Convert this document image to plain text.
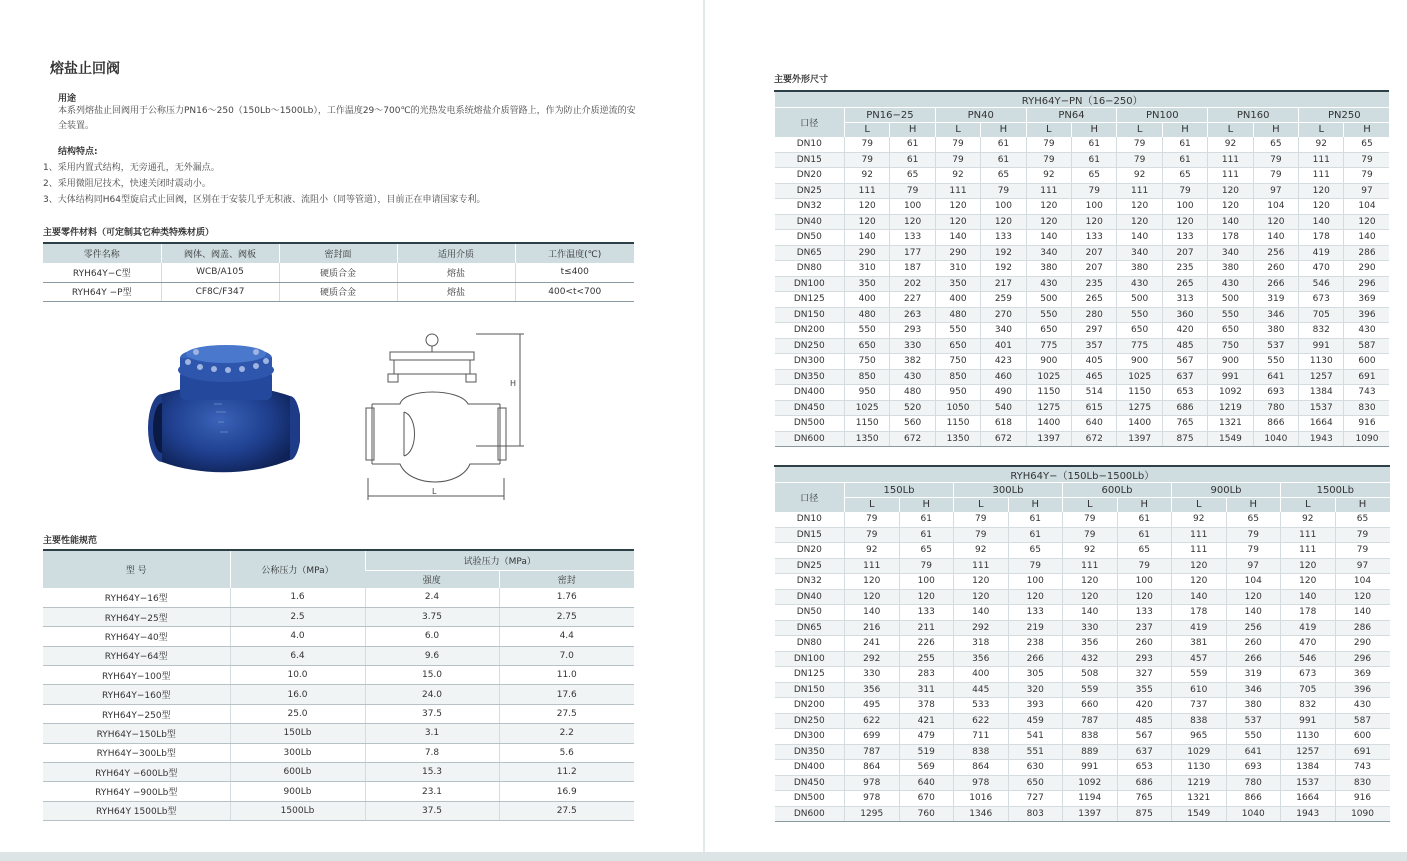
熔盐止回阀
用途
本系列熔盐止回阀用于公称压力PN16～250（150Lb～1500Lb），工作温度29～700℃的光热发电系统熔盐介质管路上，作为防止介质逆流的安全装置。
结构特点:
1、采用内置式结构，无旁通孔，无外漏点。
2、采用微阻尼技术，快速关闭时震动小。
3、大体结构同H64型旋启式止回阀，区别在于安装几乎无积液、流阻小（同等管道），目前正在申请国家专利。
主要零件材料（可定制其它种类特殊材质）
零件名称	阀体、阀盖、阀板	密封面	适用介质	工作温度(℃)
RYH64Y−C型	WCB/A105	硬质合金	熔盐	t≤400
RYH64Y −P型	CF8C/F347	硬质合金	熔盐	400<t<700
H
L
主要性能规范
型 号	公称压力（MPa）	试验压力（MPa）	
		强度	密封
RYH64Y−16型	1.6	2.4	1.76
RYH64Y−25型	2.5	3.75	2.75
RYH64Y−40型	4.0	6.0	4.4
RYH64Y−64型	6.4	9.6	7.0
RYH64Y−100型	10.0	15.0	11.0
RYH64Y−160型	16.0	24.0	17.6
RYH64Y−250型	25.0	37.5	27.5
RYH64Y−150Lb型	150Lb	3.1	2.2
RYH64Y−300Lb型	300Lb	7.8	5.6
RYH64Y −600Lb型	600Lb	15.3	11.2
RYH64Y −900Lb型	900Lb	23.1	16.9
RYH64Y 1500Lb型	1500Lb	37.5	27.5
主要外形尺寸
RYH64Y−PN（16−250）												
口径	PN16−25		PN40		PN64		PN100		PN160		PN250	
	L	H	L	H	L	H	L	H	L	H	L	H
DN10	79	61	79	61	79	61	79	61	92	65	92	65
DN15	79	61	79	61	79	61	79	61	111	79	111	79
DN20	92	65	92	65	92	65	92	65	111	79	111	79
DN25	111	79	111	79	111	79	111	79	120	97	120	97
DN32	120	100	120	100	120	100	120	100	120	104	120	104
DN40	120	120	120	120	120	120	120	120	140	120	140	120
DN50	140	133	140	133	140	133	140	133	178	140	178	140
DN65	290	177	290	192	340	207	340	207	340	256	419	286
DN80	310	187	310	192	380	207	380	235	380	260	470	290
DN100	350	202	350	217	430	235	430	265	430	266	546	296
DN125	400	227	400	259	500	265	500	313	500	319	673	369
DN150	480	263	480	270	550	280	550	360	550	346	705	396
DN200	550	293	550	340	650	297	650	420	650	380	832	430
DN250	650	330	650	401	775	357	775	485	750	537	991	587
DN300	750	382	750	423	900	405	900	567	900	550	1130	600
DN350	850	430	850	460	1025	465	1025	637	991	641	1257	691
DN400	950	480	950	490	1150	514	1150	653	1092	693	1384	743
DN450	1025	520	1050	540	1275	615	1275	686	1219	780	1537	830
DN500	1150	560	1150	618	1400	640	1400	765	1321	866	1664	916
DN600	1350	672	1350	672	1397	672	1397	875	1549	1040	1943	1090
RYH64Y−（150Lb−1500Lb）										
口径	150Lb		300Lb		600Lb		900Lb		1500Lb	
	L	H	L	H	L	H	L	H	L	H
DN10	79	61	79	61	79	61	92	65	92	65
DN15	79	61	79	61	79	61	111	79	111	79
DN20	92	65	92	65	92	65	111	79	111	79
DN25	111	79	111	79	111	79	120	97	120	97
DN32	120	100	120	100	120	100	120	104	120	104
DN40	120	120	120	120	120	120	140	120	140	120
DN50	140	133	140	133	140	133	178	140	178	140
DN65	216	211	292	219	330	237	419	256	419	286
DN80	241	226	318	238	356	260	381	260	470	290
DN100	292	255	356	266	432	293	457	266	546	296
DN125	330	283	400	305	508	327	559	319	673	369
DN150	356	311	445	320	559	355	610	346	705	396
DN200	495	378	533	393	660	420	737	380	832	430
DN250	622	421	622	459	787	485	838	537	991	587
DN300	699	479	711	541	838	567	965	550	1130	600
DN350	787	519	838	551	889	637	1029	641	1257	691
DN400	864	569	864	630	991	653	1130	693	1384	743
DN450	978	640	978	650	1092	686	1219	780	1537	830
DN500	978	670	1016	727	1194	765	1321	866	1664	916
DN600	1295	760	1346	803	1397	875	1549	1040	1943	1090
